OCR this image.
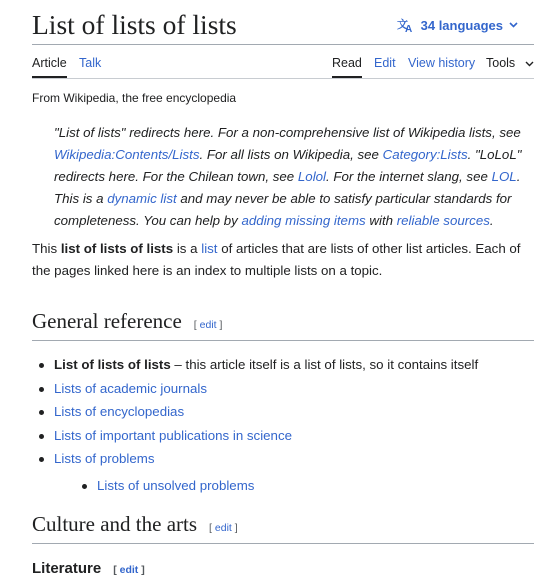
List of lists of lists	文
A 34 languages
Article Talk	Read Edit View history Tools
From Wikipedia, the free encyclopedia
"List of lists" redirects here. For a non-comprehensive list of Wikipedia lists, see Wikipedia:Contents/Lists. For all lists on Wikipedia, see Category:Lists. "LoLoL" redirects here. For the Chilean town, see Lolol. For the internet slang, see LOL. This is a dynamic list and may never be able to satisfy particular standards for completeness. You can help by adding missing items with reliable sources.

This list of lists of lists is a list of articles that are lists of other list articles. Each of the pages linked here is an index to multiple lists on a topic.

General reference [ edit ]
List of lists of lists – this article itself is a list of lists, so it contains itself
Lists of academic journals
Lists of encyclopedias
Lists of important publications in science
Lists of problems
Lists of unsolved problems
Culture and the arts [ edit ]
Literature [ edit ]
